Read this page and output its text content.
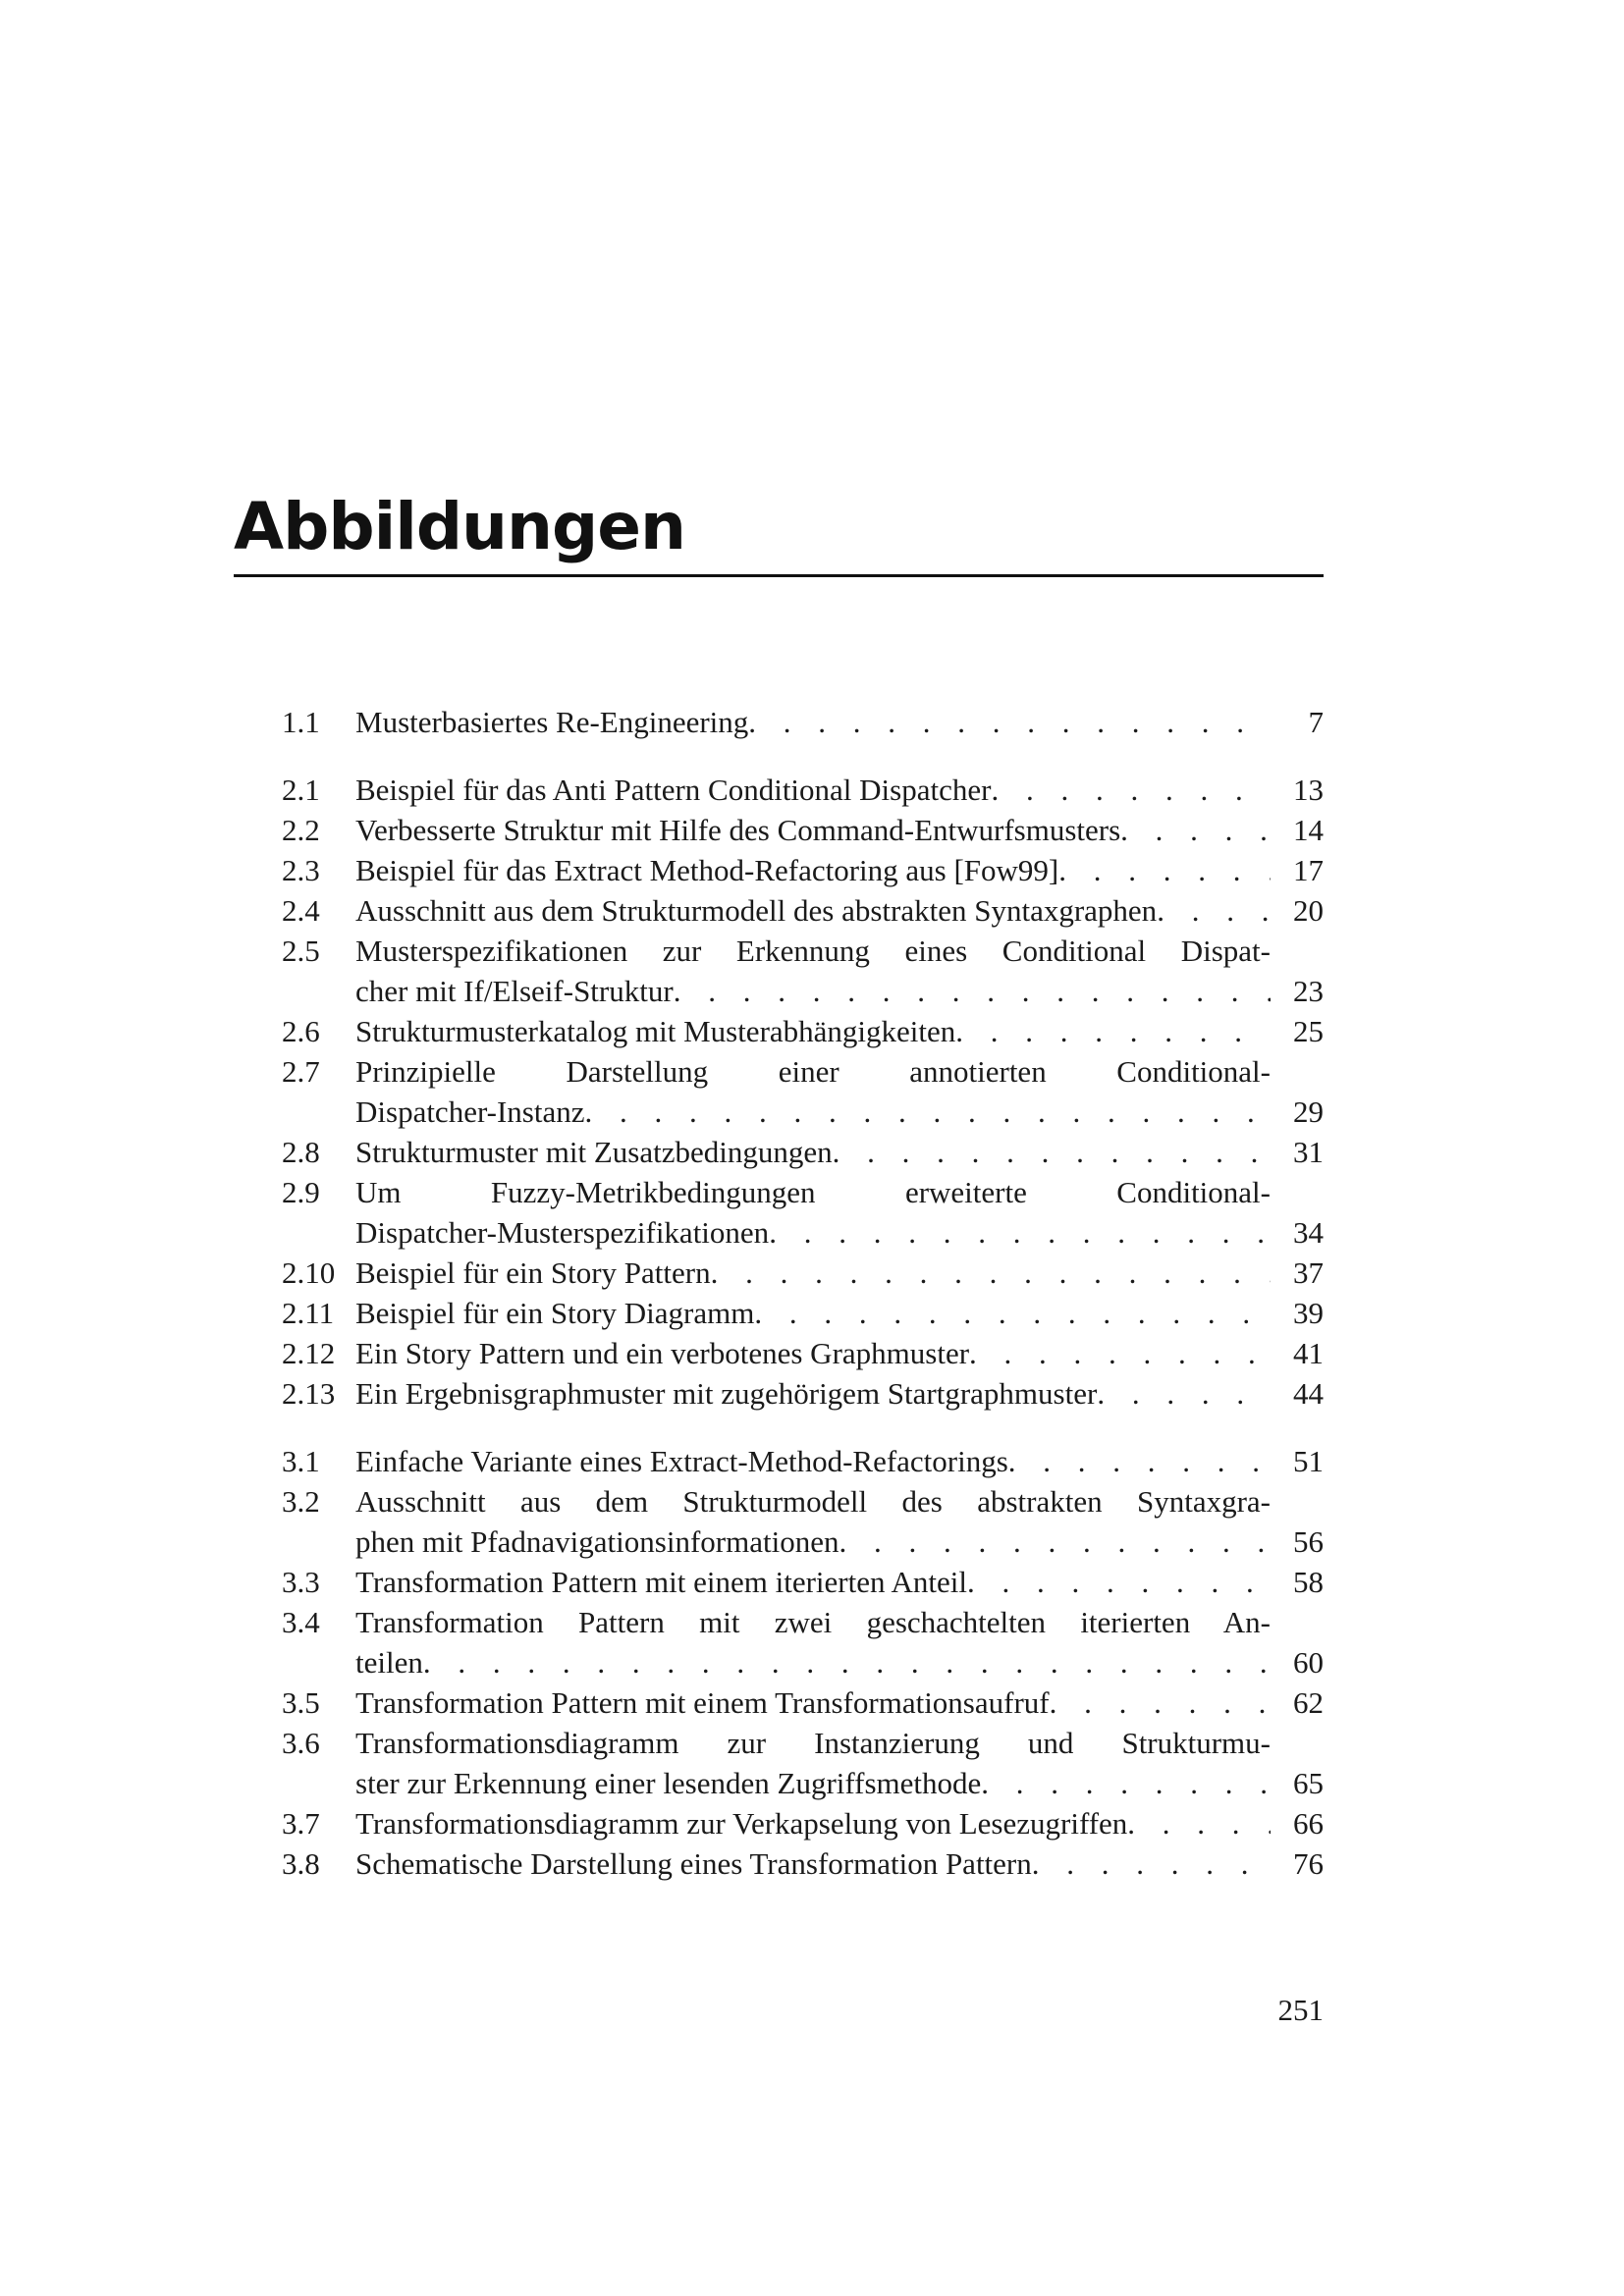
Abbildungen
1.1	Musterbasiertes Re-Engineering . . .	7
2.1	Beispiel für das Anti Pattern Conditional Dispatcher . . .	13
2.2	Verbesserte Struktur mit Hilfe des Command-Entwurfsmusters . . .	14
2.3	Beispiel für das Extract Method-Refactoring aus [Fow99] . . .	17
2.4	Ausschnitt aus dem Strukturmodell des abstrakten Syntaxgraphen . . .	20
2.5	Musterspezifikationen zur Erkennung eines Conditional Dispat-
cher mit If/Elseif-Struktur . . .	23
2.6	Strukturmusterkatalog mit Musterabhängigkeiten . . .	25
2.7	Prinzipielle Darstellung einer annotierten Conditional-
Dispatcher-Instanz . . .	29
2.8	Strukturmuster mit Zusatzbedingungen . . .	31
2.9	Um Fuzzy-Metrikbedingungen erweiterte Conditional-
Dispatcher-Musterspezifikationen . . .	34
2.10 Beispiel für ein Story Pattern . . .	37
2.11 Beispiel für ein Story Diagramm . . .	39
2.12 Ein Story Pattern und ein verbotenes Graphmuster . . .	41
2.13 Ein Ergebnisgraphmuster mit zugehörigem Startgraphmuster . . .	44
3.1	Einfache Variante eines Extract-Method-Refactorings . . .	51
3.2	Ausschnitt aus dem Strukturmodell des abstrakten Syntaxgra-
phen mit Pfadnavigationsinformationen . . .	56
3.3	Transformation Pattern mit einem iterierten Anteil . . .	58
3.4	Transformation Pattern mit zwei geschachtelten iterierten An-
teilen . . .	60
3.5	Transformation Pattern mit einem Transformationsaufruf . . .	62
3.6	Transformationsdiagramm zur Instanzierung und Strukturmu-
ster zur Erkennung einer lesenden Zugriffsmethode . . .	65
3.7	Transformationsdiagramm zur Verkapselung von Lesezugriffen . . .	66
3.8	Schematische Darstellung eines Transformation Pattern . . .	76
251
